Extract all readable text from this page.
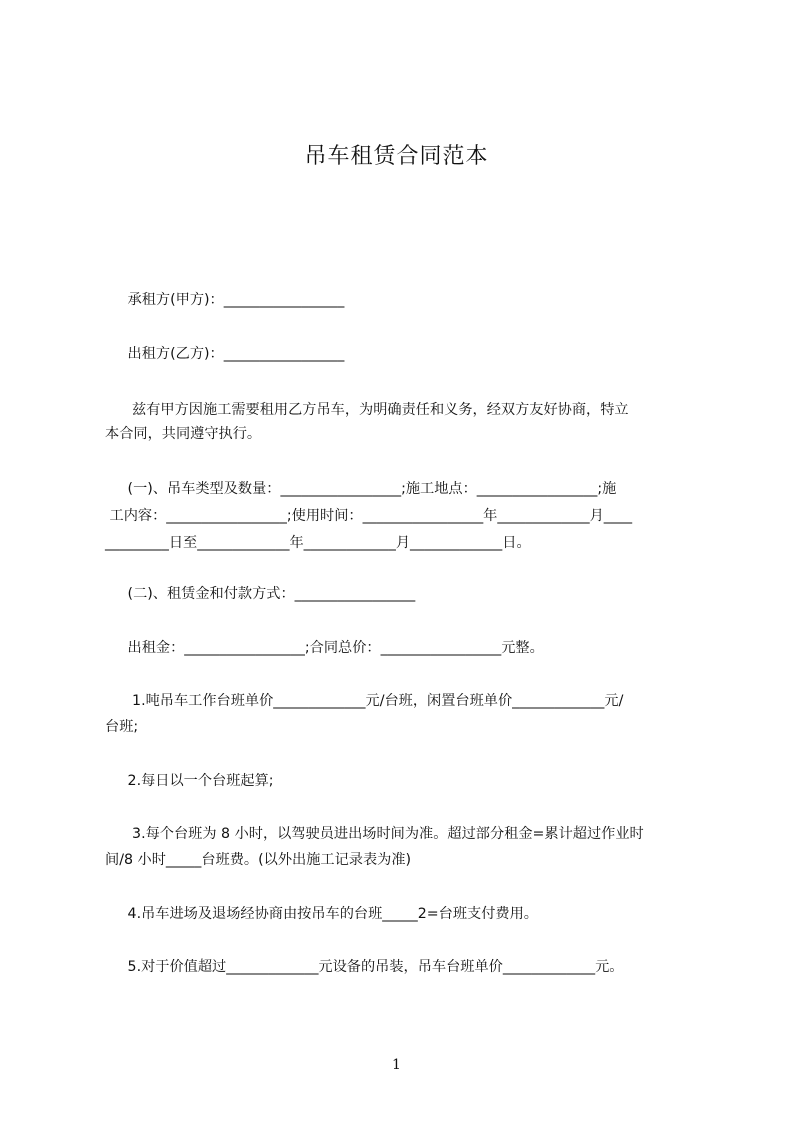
吊车租赁合同范本
承租方(甲方)：_________________
出租方(乙方)：_________________
兹有甲方因施工需要租用乙方吊车，为明确责任和义务，经双方友好协商，特立
本合同，共同遵守执行。
(一)、吊车类型及数量：_________________;施工地点：_________________;施
工内容：_________________;使用时间：_________________年_____________月____
_________日至_____________年_____________月_____________日。
(二)、租赁金和付款方式：_________________
出租金：_________________;合同总价：_________________元整。
1.吨吊车工作台班单价_____________元/台班，闲置台班单价_____________元/
台班;
2.每日以一个台班起算;
3.每个台班为 8 小时，以驾驶员进出场时间为准。超过部分租金=累计超过作业时
间/8 小时_____台班费。(以外出施工记录表为准)
4.吊车进场及退场经协商由按吊车的台班_____2=台班支付费用。
5.对于价值超过_____________元设备的吊装，吊车台班单价_____________元。
1
